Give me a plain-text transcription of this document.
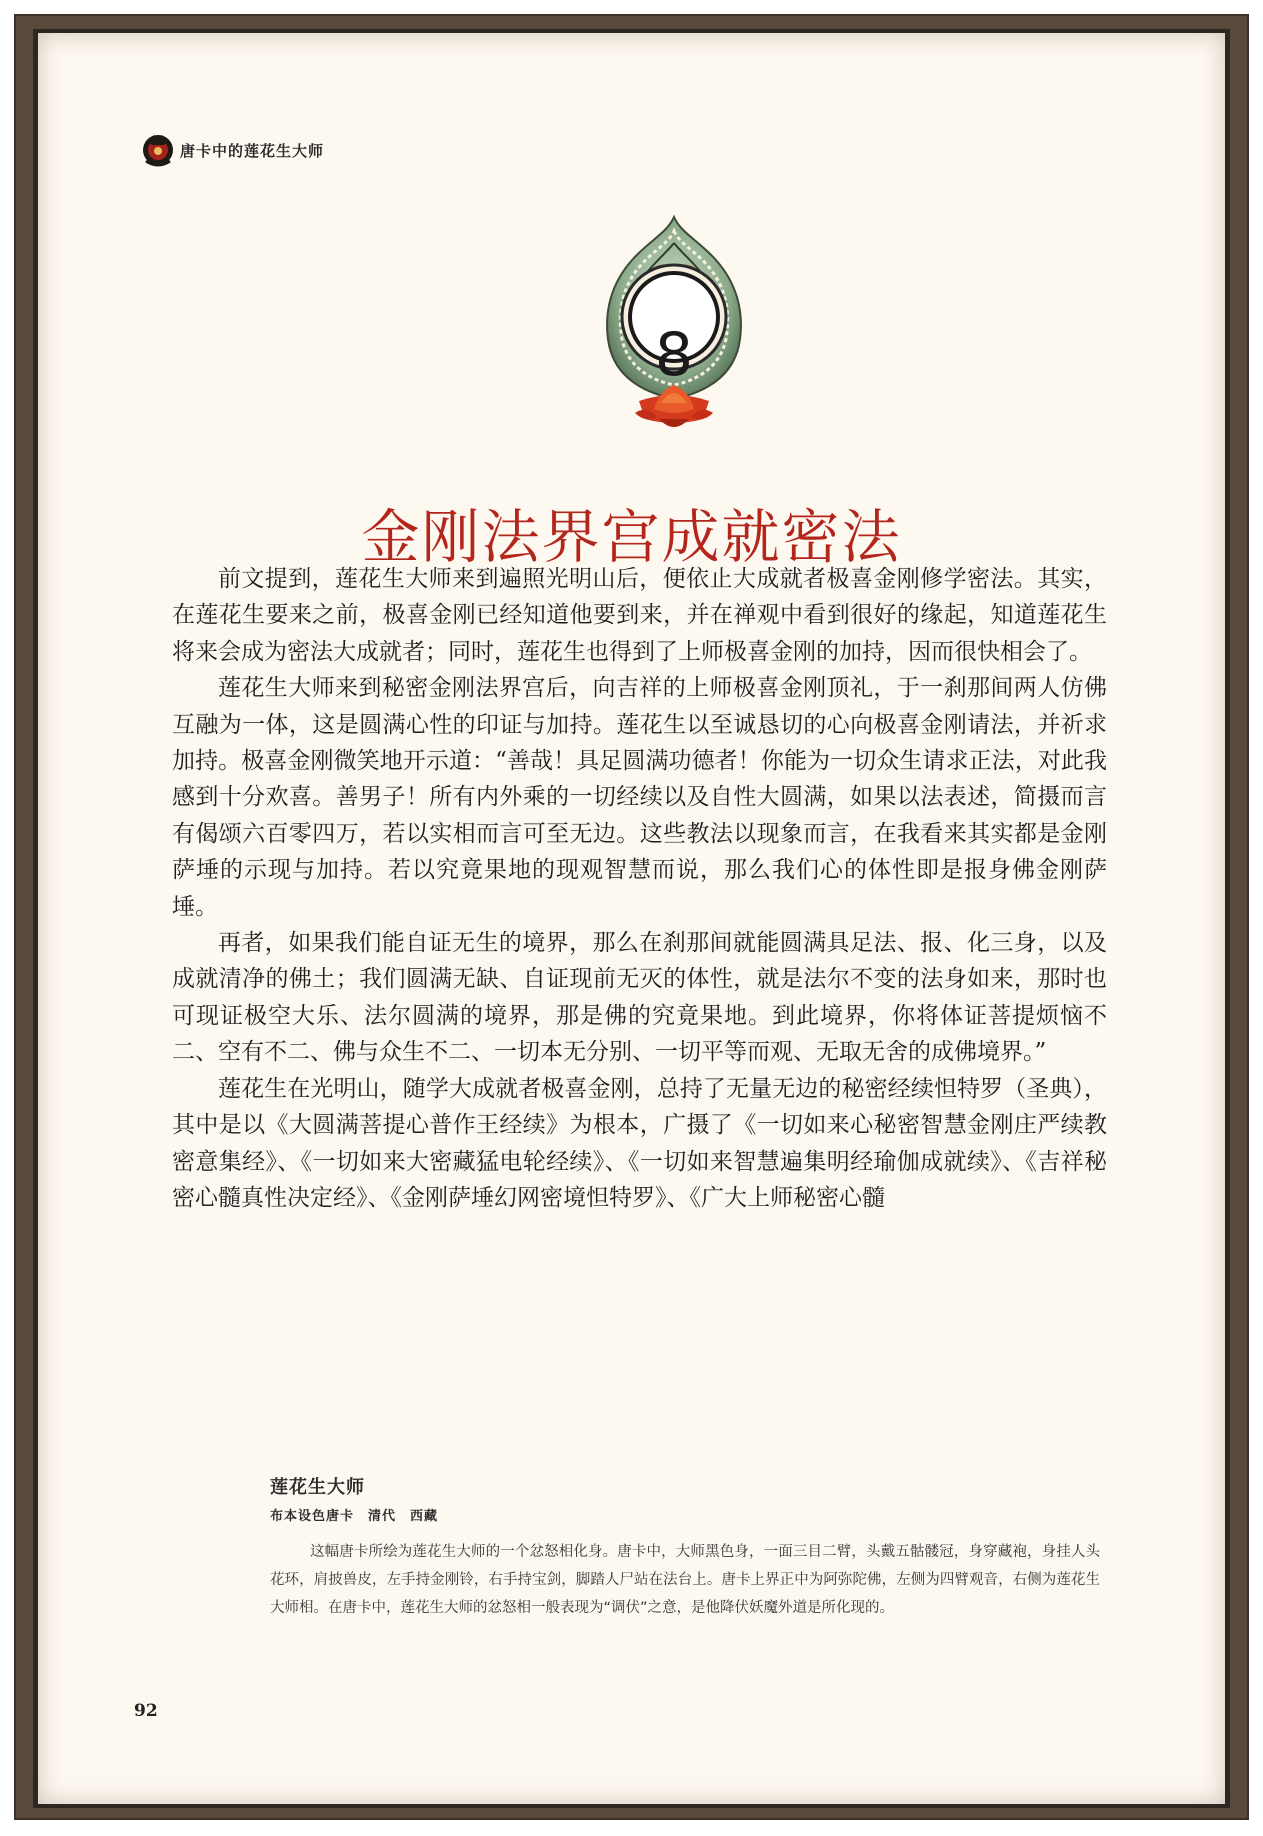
唐卡中的莲花生大师
8
金刚法界宫成就密法

前文提到，莲花生大师来到遍照光明山后，便依止大成就者极喜金刚修学密法。其实，在莲花生要来之前，极喜金刚已经知道他要到来，并在禅观中看到很好的缘起，知道莲花生将来会成为密法大成就者；同时，莲花生也得到了上师极喜金刚的加持，因而很快相会了。

莲花生大师来到秘密金刚法界宫后，向吉祥的上师极喜金刚顶礼，于一刹那间两人仿佛互融为一体，这是圆满心性的印证与加持。莲花生以至诚恳切的心向极喜金刚请法，并祈求加持。极喜金刚微笑地开示道：“善哉！具足圆满功德者！你能为一切众生请求正法，对此我感到十分欢喜。善男子！所有内外乘的一切经续以及自性大圆满，如果以法表述，简摄而言有偈颂六百零四万，若以实相而言可至无边。这些教法以现象而言，在我看来其实都是金刚萨埵的示现与加持。若以究竟果地的现观智慧而说，那么我们心的体性即是报身佛金刚萨埵。

再者，如果我们能自证无生的境界，那么在刹那间就能圆满具足法、报、化三身，以及成就清净的佛土；我们圆满无缺、自证现前无灭的体性，就是法尔不变的法身如来，那时也可现证极空大乐、法尔圆满的境界，那是佛的究竟果地。到此境界，你将体证菩提烦恼不二、空有不二、佛与众生不二、一切本无分别、一切平等而观、无取无舍的成佛境界。”

莲花生在光明山，随学大成就者极喜金刚，总持了无量无边的秘密经续怛特罗（圣典），其中是以《大圆满菩提心普作王经续》为根本，广摄了《一切如来心秘密智慧金刚庄严续教密意集经》、《一切如来大密藏猛电轮经续》、《一切如来智慧遍集明经瑜伽成就续》、《吉祥秘密心髓真性决定经》、《金刚萨埵幻网密境怛特罗》、《广大上师秘密心髓

莲花生大师

布本设色唐卡　清代　西藏

这幅唐卡所绘为莲花生大师的一个忿怒相化身。唐卡中，大师黑色身，一面三目二臂，头戴五骷髅冠，身穿藏袍，身挂人头花环，肩披兽皮，左手持金刚铃，右手持宝剑，脚踏人尸站在法台上。唐卡上界正中为阿弥陀佛，左侧为四臂观音，右侧为莲花生大师相。在唐卡中，莲花生大师的忿怒相一般表现为“调伏”之意，是他降伏妖魔外道是所化现的。

92
